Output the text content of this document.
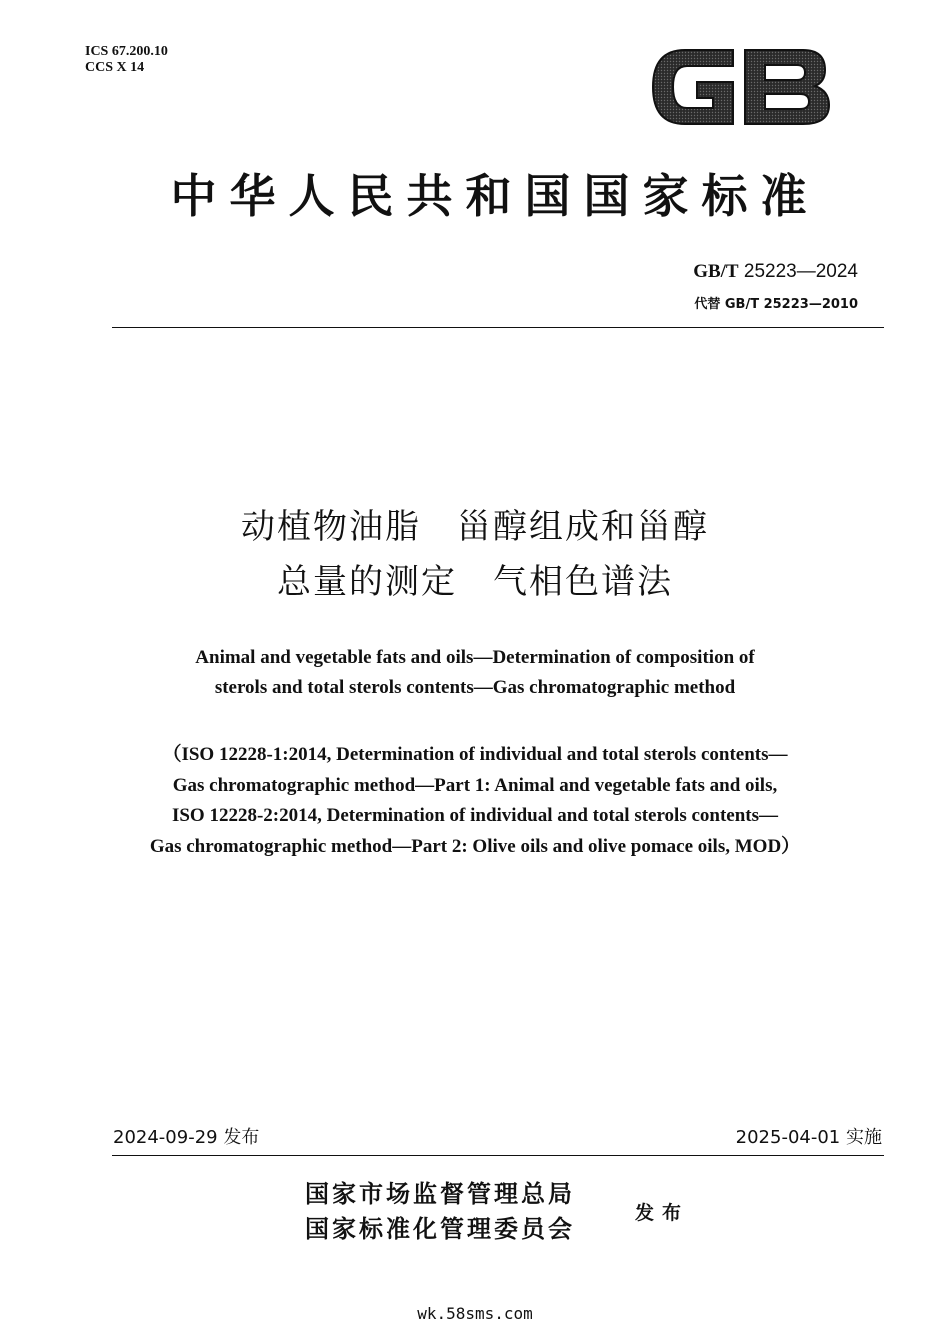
ICS 67.200.10
CCS X 14
中华人民共和国国家标准
GB/T 25223—2024
代替 GB/T 25223—2010
动植物油脂　甾醇组成和甾醇
总量的测定　气相色谱法
Animal and vegetable fats and oils—Determination of composition of
sterols and total sterols contents—Gas chromatographic method
（ISO 12228-1:2014, Determination of individual and total sterols contents—
Gas chromatographic method—Part 1: Animal and vegetable fats and oils,
ISO 12228-2:2014, Determination of individual and total sterols contents—
Gas chromatographic method—Part 2: Olive oils and olive pomace oils, MOD）
2024-09-29 发布	2025-04-01 实施
国家市场监督管理总局
国家标准化管理委员会
发布
wk.58sms.com
